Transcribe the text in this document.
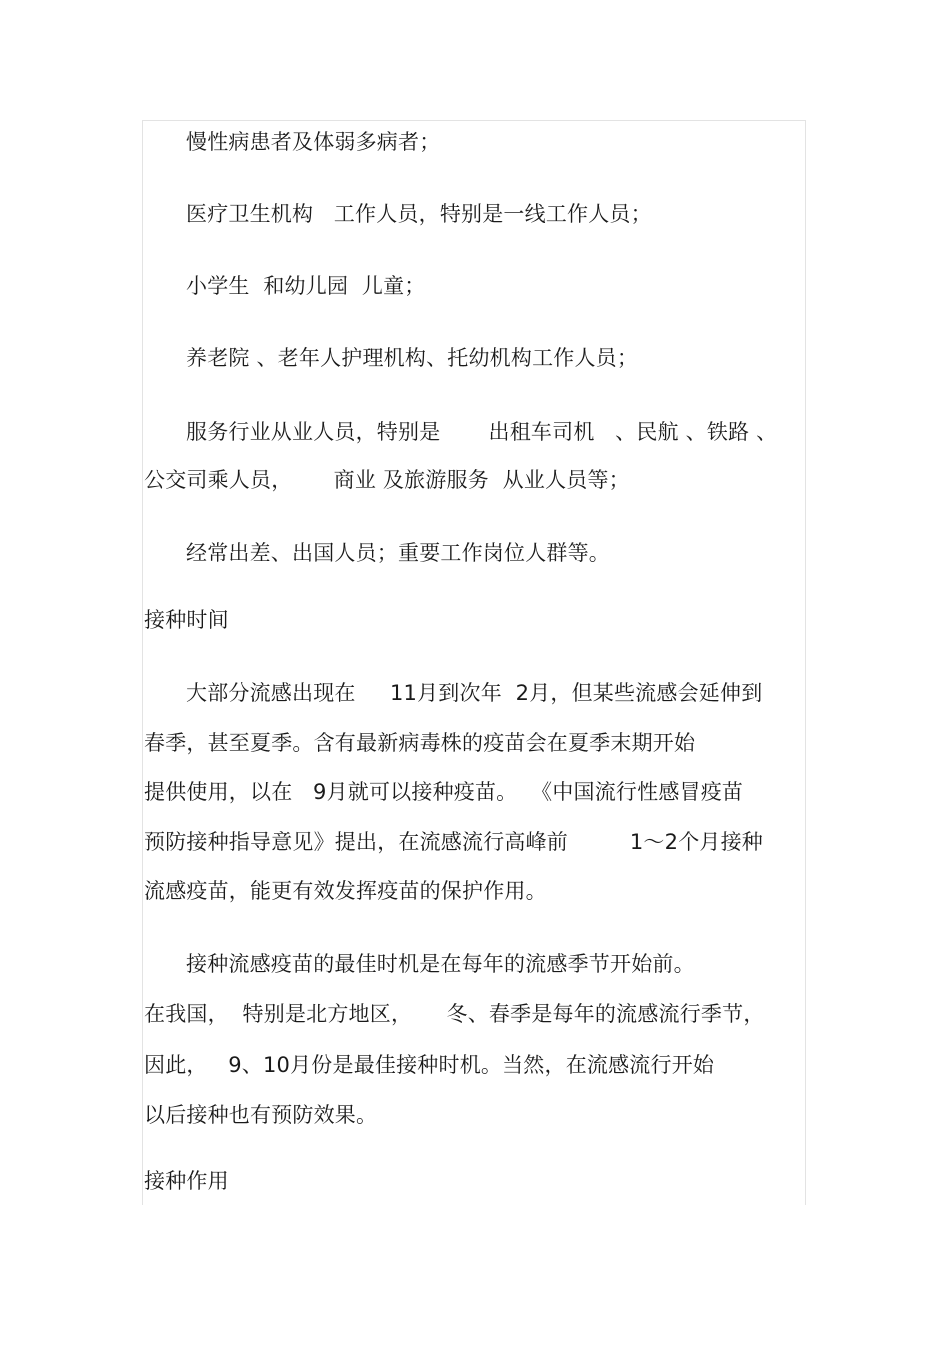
慢性病患者及体弱多病者；
医疗卫生机构   工作人员，特别是一线工作人员；
小学生  和幼儿园  儿童；
养老院 、老年人护理机构、托幼机构工作人员；
服务行业从业人员，特别是       出租车司机   、民航 、铁路 、
公交司乘人员，      商业 及旅游服务  从业人员等；
经常出差、出国人员；重要工作岗位人群等。
接种时间
大部分流感出现在     11月到次年  2月，但某些流感会延伸到
春季，甚至夏季。含有最新病毒株的疫苗会在夏季末期开始
提供使用，以在   9月就可以接种疫苗。  《中国流行性感冒疫苗
预防接种指导意见》提出，在流感流行高峰前         1～2个月接种
流感疫苗，能更有效发挥疫苗的保护作用。
接种流感疫苗的最佳时机是在每年的流感季节开始前。
在我国，  特别是北方地区，     冬、春季是每年的流感流行季节，
因此，   9、10月份是最佳接种时机。当然，在流感流行开始
以后接种也有预防效果。
接种作用
